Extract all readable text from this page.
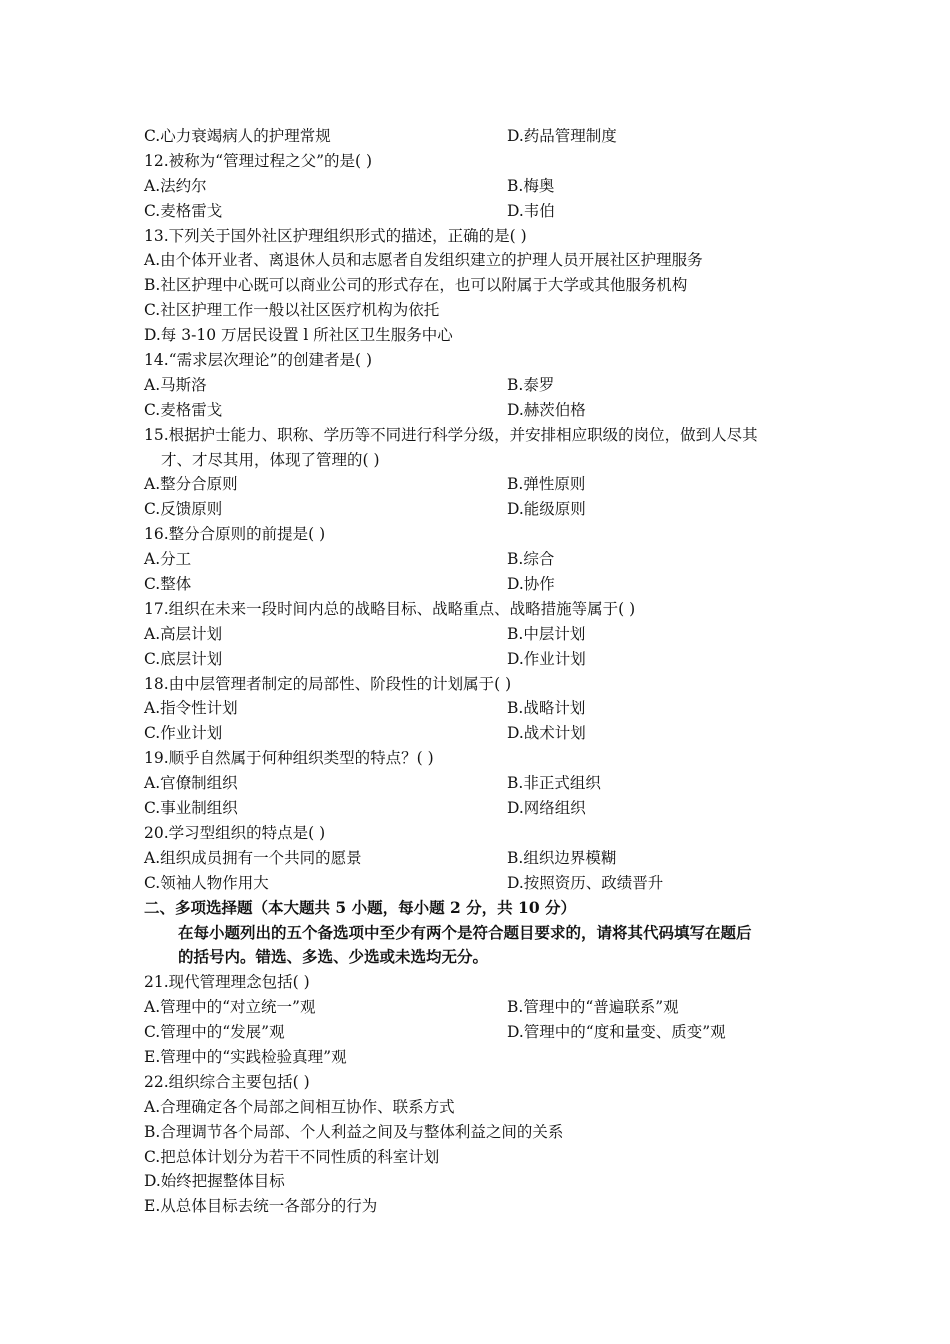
C.心力衰竭病人的护理常规	D.药品管理制度
12.被称为“管理过程之父”的是( )
A.法约尔	B.梅奥
C.麦格雷戈	D.韦伯
13.下列关于国外社区护理组织形式的描述，正确的是( )
A.由个体开业者、离退休人员和志愿者自发组织建立的护理人员开展社区护理服务
B.社区护理中心既可以商业公司的形式存在，也可以附属于大学或其他服务机构
C.社区护理工作一般以社区医疗机构为依托
D.每 3-10 万居民设置 l 所社区卫生服务中心
14.“需求层次理论”的创建者是( )
A.马斯洛	B.泰罗
C.麦格雷戈	D.赫茨伯格
15.根据护士能力、职称、学历等不同进行科学分级，并安排相应职级的岗位，做到人尽其
才、才尽其用，体现了管理的( )
A.整分合原则	B.弹性原则
C.反馈原则	D.能级原则
16.整分合原则的前提是( )
A.分工	B.综合
C.整体	D.协作
17.组织在未来一段时间内总的战略目标、战略重点、战略措施等属于( )
A.高层计划	B.中层计划
C.底层计划	D.作业计划
18.由中层管理者制定的局部性、阶段性的计划属于( )
A.指令性计划	B.战略计划
C.作业计划	D.战术计划
19.顺乎自然属于何种组织类型的特点？( )
A.官僚制组织	B.非正式组织
C.事业制组织	D.网络组织
20.学习型组织的特点是( )
A.组织成员拥有一个共同的愿景	B.组织边界模糊
C.领袖人物作用大	D.按照资历、政绩晋升
二、多项选择题（本大题共 5 小题，每小题 2 分，共 10 分）
在每小题列出的五个备选项中至少有两个是符合题目要求的，请将其代码填写在题后
的括号内。错选、多选、少选或未选均无分。
21.现代管理理念包括( )
A.管理中的“对立统一”观	B.管理中的“普遍联系”观
C.管理中的“发展”观	D.管理中的“度和量变、质变”观
E.管理中的“实践检验真理”观
22.组织综合主要包括( )
A.合理确定各个局部之间相互协作、联系方式
B.合理调节各个局部、个人利益之间及与整体利益之间的关系
C.把总体计划分为若干不同性质的科室计划
D.始终把握整体目标
E.从总体目标去统一各部分的行为
